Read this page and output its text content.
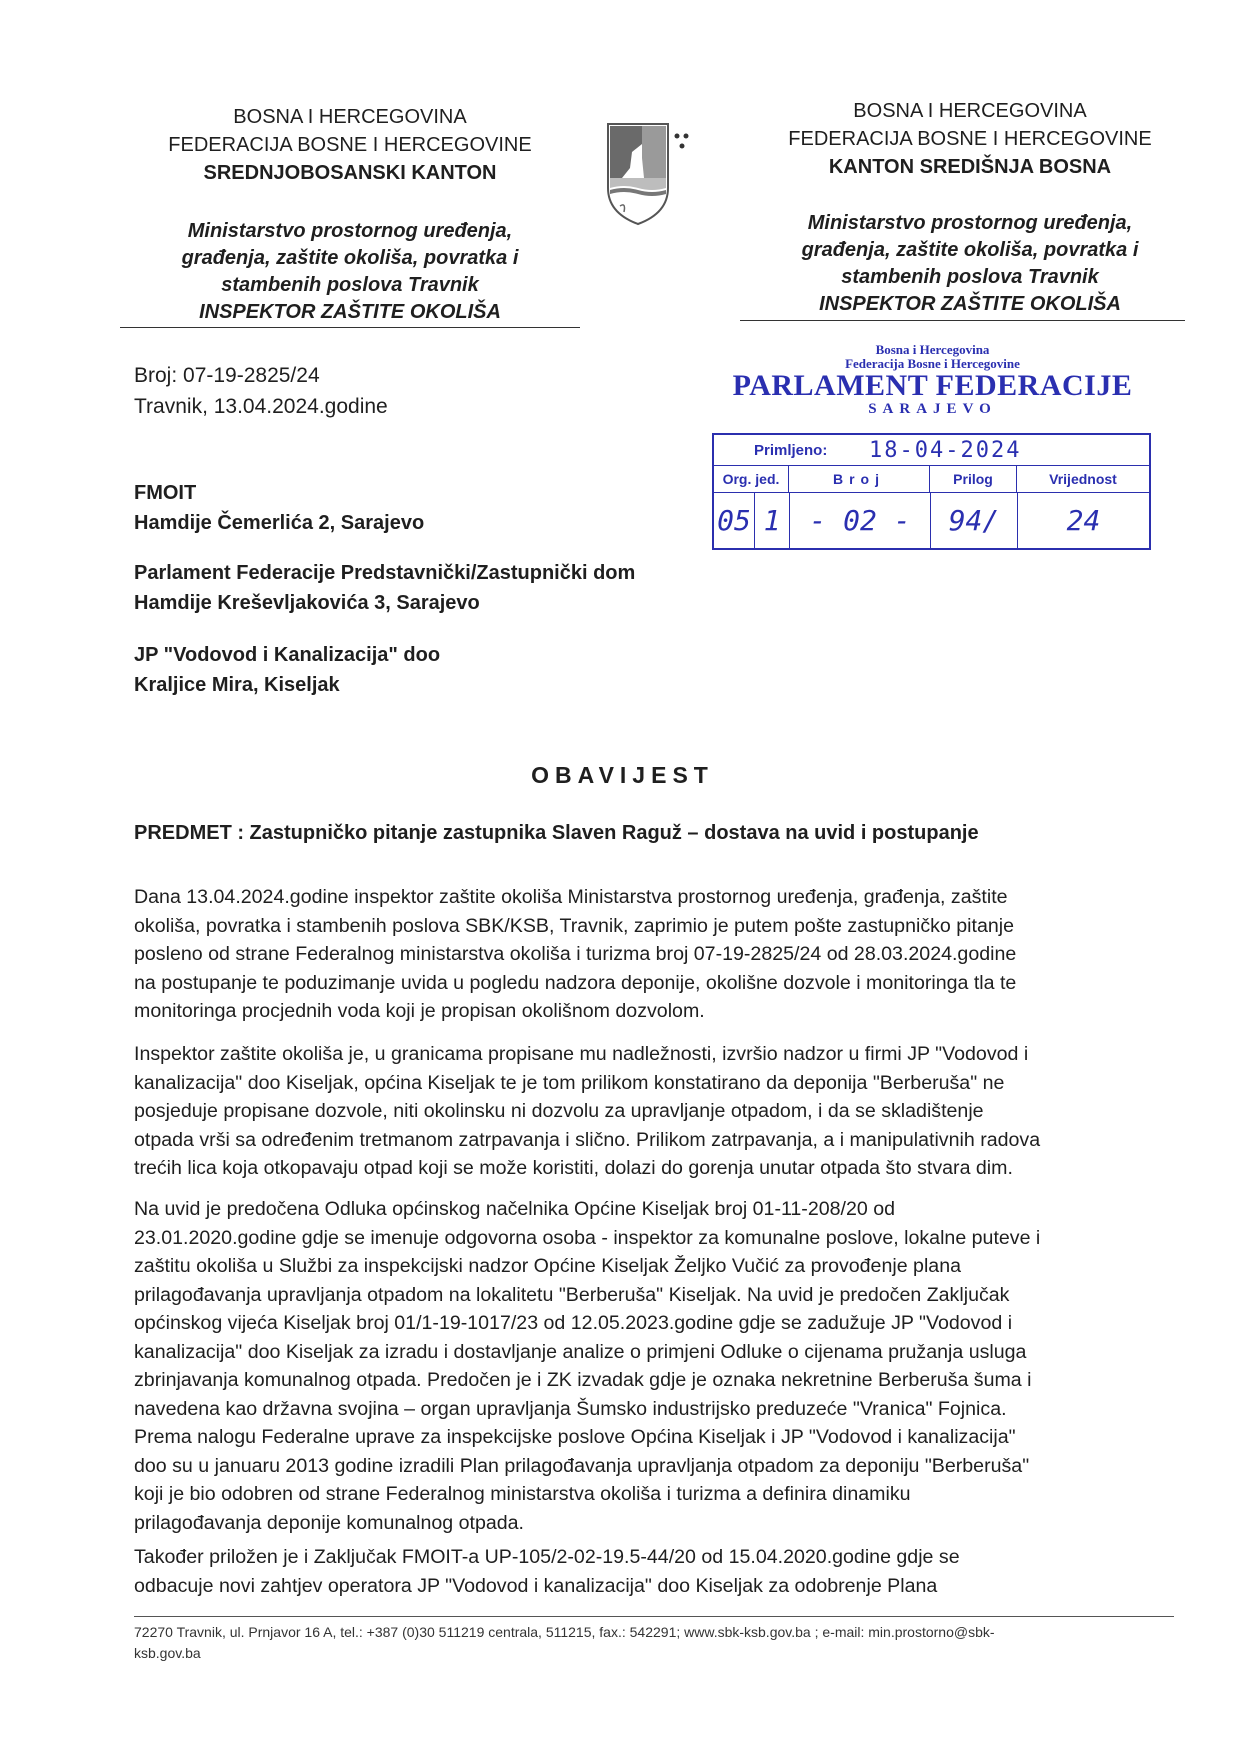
BOSNA I HERCEGOVINA
FEDERACIJA BOSNE I HERCEGOVINE
SREDNJOBOSANSKI KANTON
Ministarstvo prostornog uređenja,
građenja, zaštite okoliša, povratka i
stambenih poslova Travnik
INSPEKTOR ZAŠTITE OKOLIŠA
BOSNA I HERCEGOVINA
FEDERACIJA BOSNE I HERCEGOVINE
KANTON SREDIŠNJA BOSNA
Ministarstvo prostornog uređenja,
građenja, zaštite okoliša, povratka i
stambenih poslova Travnik
INSPEKTOR ZAŠTITE OKOLIŠA
Broj: 07-19-2825/24
Travnik, 13.04.2024.godine
Bosna i Hercegovina
Federacija Bosne i Hercegovine
PARLAMENT FEDERACIJE
SARAJEVO
Primljeno:	18-04-2024
Org. jed.	Broj	Prilog	Vrijednost
05 1	- 02 -	94/	24
FMOIT
Hamdije Čemerlića 2, Sarajevo
Parlament Federacije Predstavnički/Zastupnički dom
Hamdije Kreševljakovića 3, Sarajevo
JP "Vodovod i Kanalizacija" doo
Kraljice Mira, Kiseljak
OBAVIJEST
PREDMET : Zastupničko pitanje zastupnika Slaven Raguž – dostava na uvid i postupanje
Dana 13.04.2024.godine inspektor zaštite okoliša Ministarstva prostornog uređenja, građenja, zaštite
okoliša, povratka i stambenih poslova SBK/KSB, Travnik, zaprimio je putem pošte zastupničko pitanje
posleno od strane Federalnog ministarstva okoliša i turizma broj 07-19-2825/24 od 28.03.2024.godine
na postupanje te poduzimanje uvida u pogledu nadzora deponije, okolišne dozvole i monitoringa tla te
monitoringa procjednih voda koji je propisan okolišnom dozvolom.
Inspektor zaštite okoliša je, u granicama propisane mu nadležnosti, izvršio nadzor u firmi JP "Vodovod i
kanalizacija" doo Kiseljak, općina Kiseljak te je tom prilikom konstatirano da deponija "Berberuša" ne
posjeduje propisane dozvole, niti okolinsku ni dozvolu za upravljanje otpadom, i da se skladištenje
otpada vrši sa određenim tretmanom zatrpavanja i slično. Prilikom zatrpavanja, a i manipulativnih radova
trećih lica koja otkopavaju otpad koji se može koristiti, dolazi do gorenja unutar otpada što stvara dim.
Na uvid je predočena Odluka općinskog načelnika Općine Kiseljak broj 01-11-208/20 od
23.01.2020.godine gdje se imenuje odgovorna osoba - inspektor za komunalne poslove, lokalne puteve i
zaštitu okoliša u Službi za inspekcijski nadzor Općine Kiseljak Željko Vučić za provođenje plana
prilagođavanja upravljanja otpadom na lokalitetu "Berberuša" Kiseljak. Na uvid je predočen Zaključak
općinskog vijeća Kiseljak broj 01/1-19-1017/23 od 12.05.2023.godine gdje se zadužuje JP "Vodovod i
kanalizacija" doo Kiseljak za izradu i dostavljanje analize o primjeni Odluke o cijenama pružanja usluga
zbrinjavanja komunalnog otpada. Predočen je i ZK izvadak gdje je oznaka nekretnine Berberuša šuma i
navedena kao državna svojina – organ upravljanja Šumsko industrijsko preduzeće "Vranica" Fojnica.
Prema nalogu Federalne uprave za inspekcijske poslove Općina Kiseljak i JP "Vodovod i kanalizacija"
doo su u januaru 2013 godine izradili Plan prilagođavanja upravljanja otpadom za deponiju "Berberuša"
koji je bio odobren od strane Federalnog ministarstva okoliša i turizma a definira dinamiku
prilagođavanja deponije komunalnog otpada.
Također priložen je i Zaključak FMOIT-a UP-105/2-02-19.5-44/20 od 15.04.2020.godine gdje se
odbacuje novi zahtjev operatora JP "Vodovod i kanalizacija" doo Kiseljak za odobrenje Plana
72270 Travnik, ul. Prnjavor 16 A, tel.: +387 (0)30 511219 centrala, 511215, fax.: 542291; www.sbk-ksb.gov.ba ; e-mail: min.prostorno@sbk-
ksb.gov.ba
